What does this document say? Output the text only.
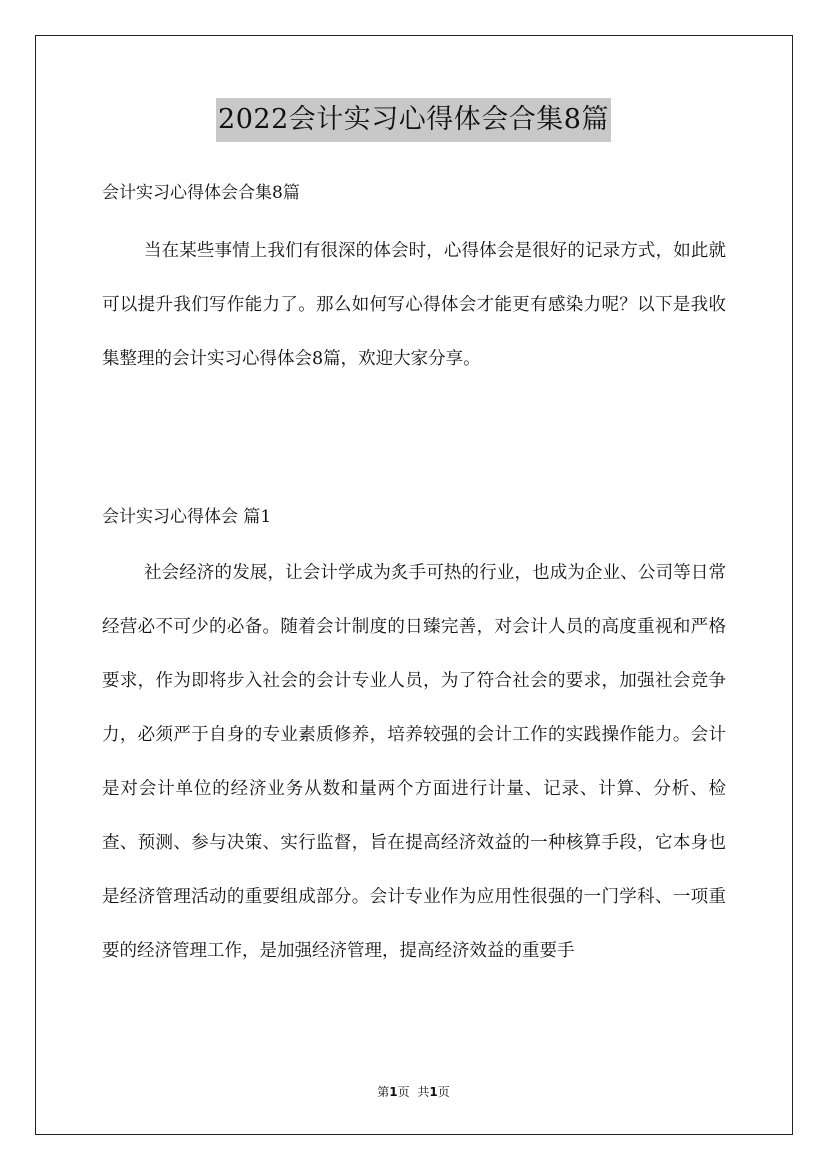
2022会计实习心得体会合集8篇

会计实习心得体会合集8篇

当在某些事情上我们有很深的体会时，心得体会是很好的记录方式，如此就可以提升我们写作能力了。那么如何写心得体会才能更有感染力呢？以下是我收集整理的会计实习心得体会8篇，欢迎大家分享。

会计实习心得体会 篇1

社会经济的发展，让会计学成为炙手可热的行业，也成为企业、公司等日常经营必不可少的必备。随着会计制度的日臻完善，对会计人员的高度重视和严格要求，作为即将步入社会的会计专业人员，为了符合社会的要求，加强社会竞争力，必须严于自身的专业素质修养，培养较强的会计工作的实践操作能力。会计是对会计单位的经济业务从数和量两个方面进行计量、记录、计算、分析、检查、预测、参与决策、实行监督，旨在提高经济效益的一种核算手段，它本身也是经济管理活动的重要组成部分。会计专业作为应用性很强的一门学科、一项重要的经济管理工作，是加强经济管理，提高经济效益的重要手

第1页 共1页
